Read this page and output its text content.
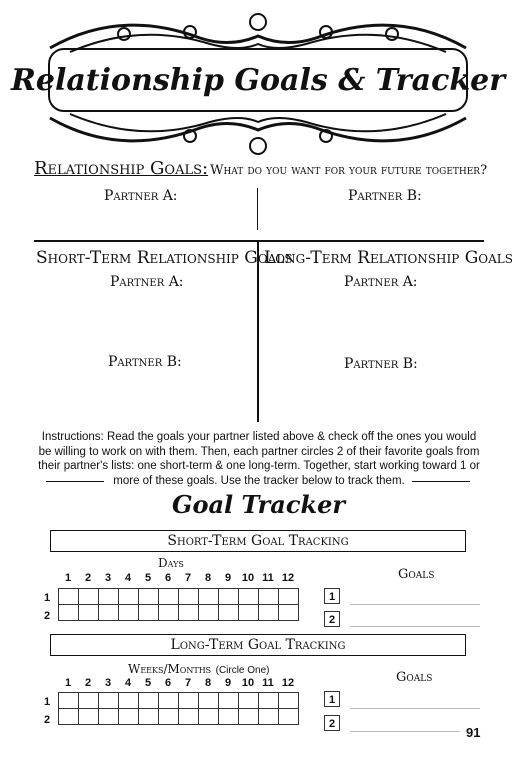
Relationship Goals & Tracker
Relationship Goals: What do you want for your future together?
Partner A:	Partner B:
Short-Term Relationship Goals
Long-Term Relationship Goals
Partner A:	Partner A:
Partner B:	Partner B:
Instructions: Read the goals your partner listed above & check off the ones you would be willing to work on with them. Then, each partner circles 2 of their favorite goals from their partner's lists: one short-term & one long-term. Together, start working toward 1 or more of these goals. Use the tracker below to track them.
Goal Tracker
Short-Term Goal Tracking
Days
1	2	3	4	5	6	7	8	9 10 11 12
1
2
Goals
1
2
Long-Term Goal Tracking
Weeks/Months (Circle One)
1	2	3	4	5	6	7	8	9 10 11 12
1
2
Goals
1
2
91
